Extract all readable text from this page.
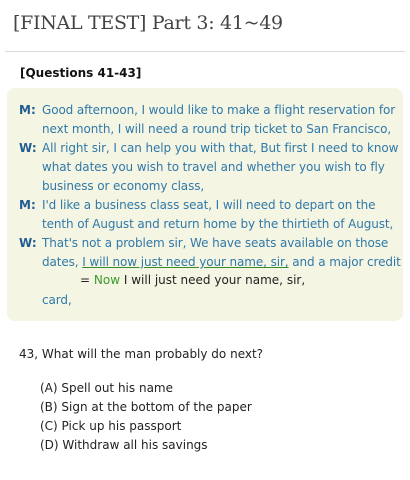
[FINAL TEST] Part 3: 41~49
[Questions 41-43]
M: Good afternoon, I would like to make a flight reservation for
next month, I will need a round trip ticket to San Francisco,
W: All right sir, I can help you with that, But first I need to know
what dates you wish to travel and whether you wish to fly
business or economy class,
M: I'd like a business class seat, I will need to depart on the
tenth of August and return home by the thirtieth of August,
W: That's not a problem sir, We have seats available on those
dates, I will now just need your name, sir, and a major credit
card,
= Now I will just need your name, sir,
43, What will the man probably do next?
(A) Spell out his name
(B) Sign at the bottom of the paper
(C) Pick up his passport
(D) Withdraw all his savings
